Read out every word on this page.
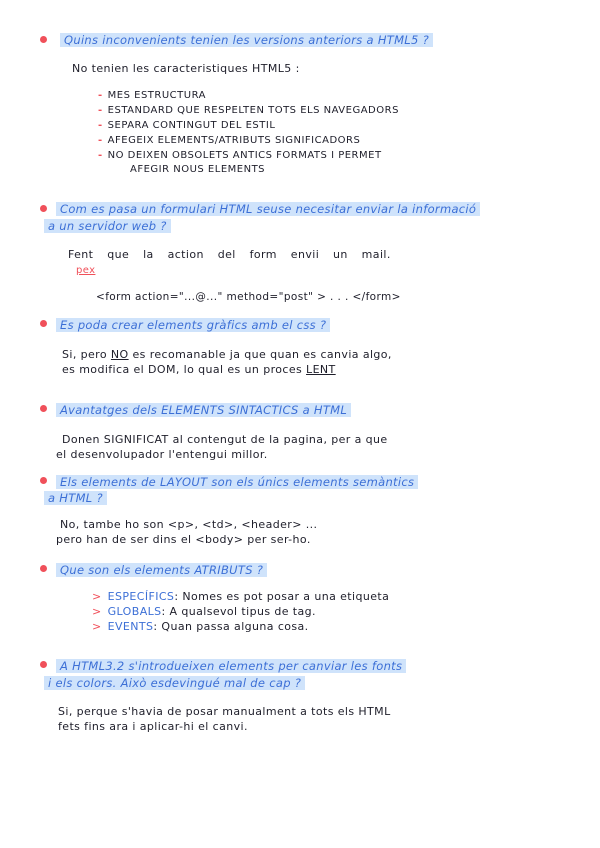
Quins inconvenients tenien les versions anteriors a HTML5 ?
No tenien les caracteristiques HTML5 :
- MES ESTRUCTURA
- ESTANDARD QUE RESPELTEN TOTS ELS NAVEGADORS
- SEPARA CONTINGUT DEL ESTIL
- AFEGEIX ELEMENTS/ATRIBUTS SIGNIFICADORS
- NO DEIXEN OBSOLETS ANTICS FORMATS I PERMET
AFEGIR NOUS ELEMENTS
Com es pasa un formulari HTML seuse necesitar enviar la informació
a un servidor web ?
Fent que la action del form envii un mail.
pex
<form action="...@..." method="post" > . . . </form>
Es poda crear elements gràfics amb el css ?
Si, pero NO es recomanable ja que quan es canvia algo,
es modifica el DOM, lo qual es un proces LENT
Avantatges dels ELEMENTS SINTACTICS a HTML
Donen SIGNIFICAT al contengut de la pagina, per a que
el desenvolupador l'entengui millor.
Els elements de LAYOUT son els únics elements semàntics
a HTML ?
No, tambe ho son <p>, <td>, <header> ...
pero han de ser dins el <body> per ser-ho.
Que son els elements ATRIBUTS ?
> ESPECÍFICS: Nomes es pot posar a una etiqueta
> GLOBALS: A qualsevol tipus de tag.
> EVENTS: Quan passa alguna cosa.
A HTML3.2 s'introdueixen elements per canviar les fonts
i els colors. Això esdevingué mal de cap ?
Si, perque s'havia de posar manualment a tots els HTML
fets fins ara i aplicar-hi el canvi.
